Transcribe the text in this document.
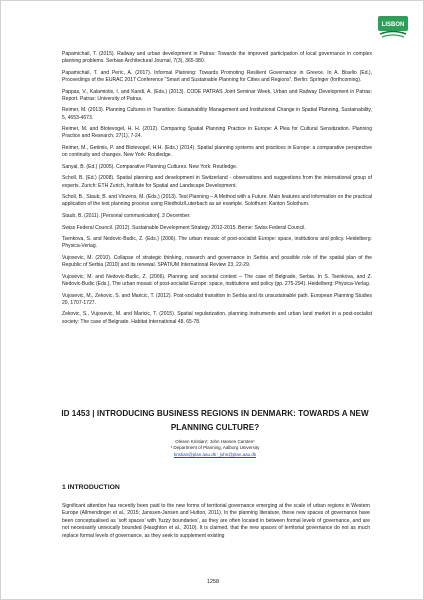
LISBON

Papamichail, T. (2015). Railway and urban development in Patras: Towards the improved participation of local governance in complex planning problems. Serbian Architectural Journal, 7(3), 365-380.

Papamichail, T. and Peric, A. (2017). Informal Planning: Towards Promoting Resilient Governance in Greece. In A. Bisello (Ed.), Proceedings of the EURAC 2017 Conference “Smart and Sustainable Planning for Cities and Regions”. Berlin: Springer (forthcoming).

Pappas, V., Kalamiotis, I. and Kandi, A. (Eds.) (2013). CODE PATRAS Joint Seminar Week, Urban and Railway Development in Patras: Report. Patras: University of Patras.

Reimer, M. (2013). Planning Cultures in Transition: Sustainability Management and Institutional Change in Spatial Planning, Sustainability, 5, 4653-4673.

Reimer, M. and Blotevogel, H. H. (2012). Comparing Spatial Planning Practice in Europe: A Plea for Cultural Sensitization. Planning Practice and Research, 27(1), 7-24.

Reimer, M., Getimis, P. and Blotevogel, H.H. (Eds.) (2014). Spatial planning systems and practices in Europe: a comparative perspective on continuity and changes. New York: Routledge.

Sanyal, B. (Ed.) (2005). Comparative Planning Cultures. New York: Routledge.

Scholl, B. (Ed.) (2008). Spatial planning and development in Switzerland - observations and suggestions from the international group of experts. Zurich: ETH Zurich, Institute for Spatial and Landscape Development.

Scholl, B., Staub, B. and Vinzens, M. (Eds.) (2013). Test Planning – A Method with a Future. Main features and information on the practical application of the test planning process using Riedholz/Luterbach as an example. Solothurn: Kanton Solothurn.

Staub, B. (2011). [Personal communication]. 3 December.

Swiss Federal Council. (2012). Sustainable Development Strategy 2012-2015. Berne: Swiss Federal Council.

Tsenkova, S. and Nedovic-Budic, Z. (Eds.) (2006). The urban mosaic of post-socialist Europe: space, institutions and policy. Heidelberg: Physica-Verlag.

Vujosevic, M. (2010). Collapse of strategic thinking, research and governance in Serbia and possible role of the spatial plan of the Republic of Serbia (2010) and its renewal. SPATIUM International Review 23, 22-29.

Vujosevic, M. and Nedovic-Budic, Z. (2006). Planning and societal context – The case of Belgrade, Serbia. In S. Tsenkova, and Z. Nedovic-Budic (Eds.), The urban mosaic of post-socialist Europe: space, institutions and policy (pp. 275-294). Heidelberg: Physica-Verlag.

Vujosevic, M., Zekovic, S. and Maricic, T. (2012). Post-socialist transition in Serbia and its unsustainable path. European Planning Studies 20, 1707-1727.

Zekovic, S., Vujosevic, M. and Maricic, T. (2015). Spatial regularization, planning instruments and urban land market in a post-socialist society: The case of Belgrade. Habitat International 48, 65-78.

ID 1453 | INTRODUCING BUSINESS REGIONS IN DENMARK: TOWARDS A NEW PLANNING CULTURE?
Olesen Kristian¹; John Hansen Carsten¹
¹ Department of Planning, Aalborg University
kristian@plan.aau.dk ; john@plan.aau.dk
1 INTRODUCTION

Significant attention has recently been paid to the new forms of territorial governance emerging at the scale of urban regions in Western Europe (Allmendinger et al., 2015; Janssen-Jansen and Hutton, 2011). In the planning literature, these new spaces of governance have been conceptualised as ‘soft spaces’ with ‘fuzzy boundaries’, as they are often located in between formal levels of governance, and are not necessarily univocally bounded (Haughton et al., 2010). It is claimed, that the new spaces of territorial governance do not as much replace formal levels of governance, as they seek to supplement existing

1258
